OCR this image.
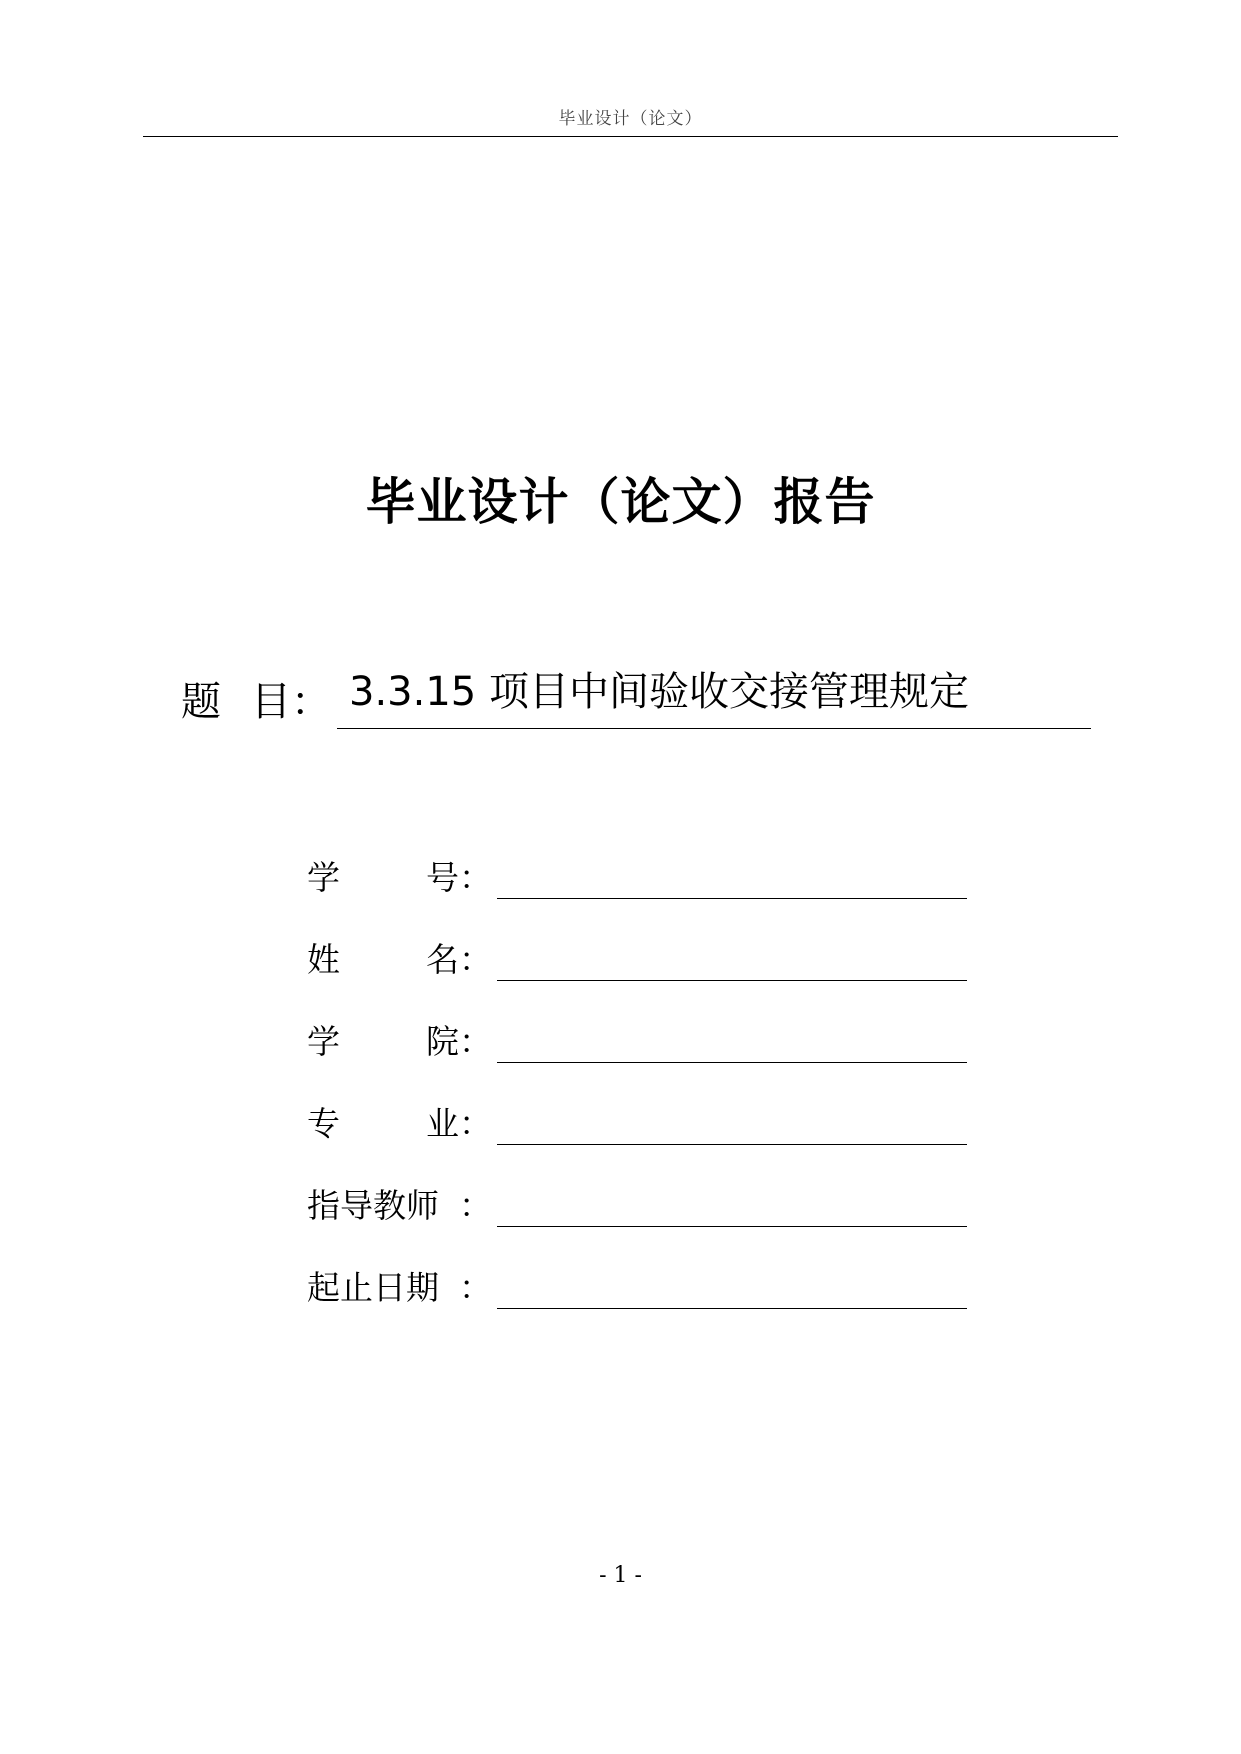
毕业设计（论文）
毕业设计（论文）报告
题 目： 3.3.15 项目中间验收交接管理规定
学	号 ：
姓	名 ：
学	院 ：
专	业 ：
指导教师 ：
起止日期 ：
- 1 -
